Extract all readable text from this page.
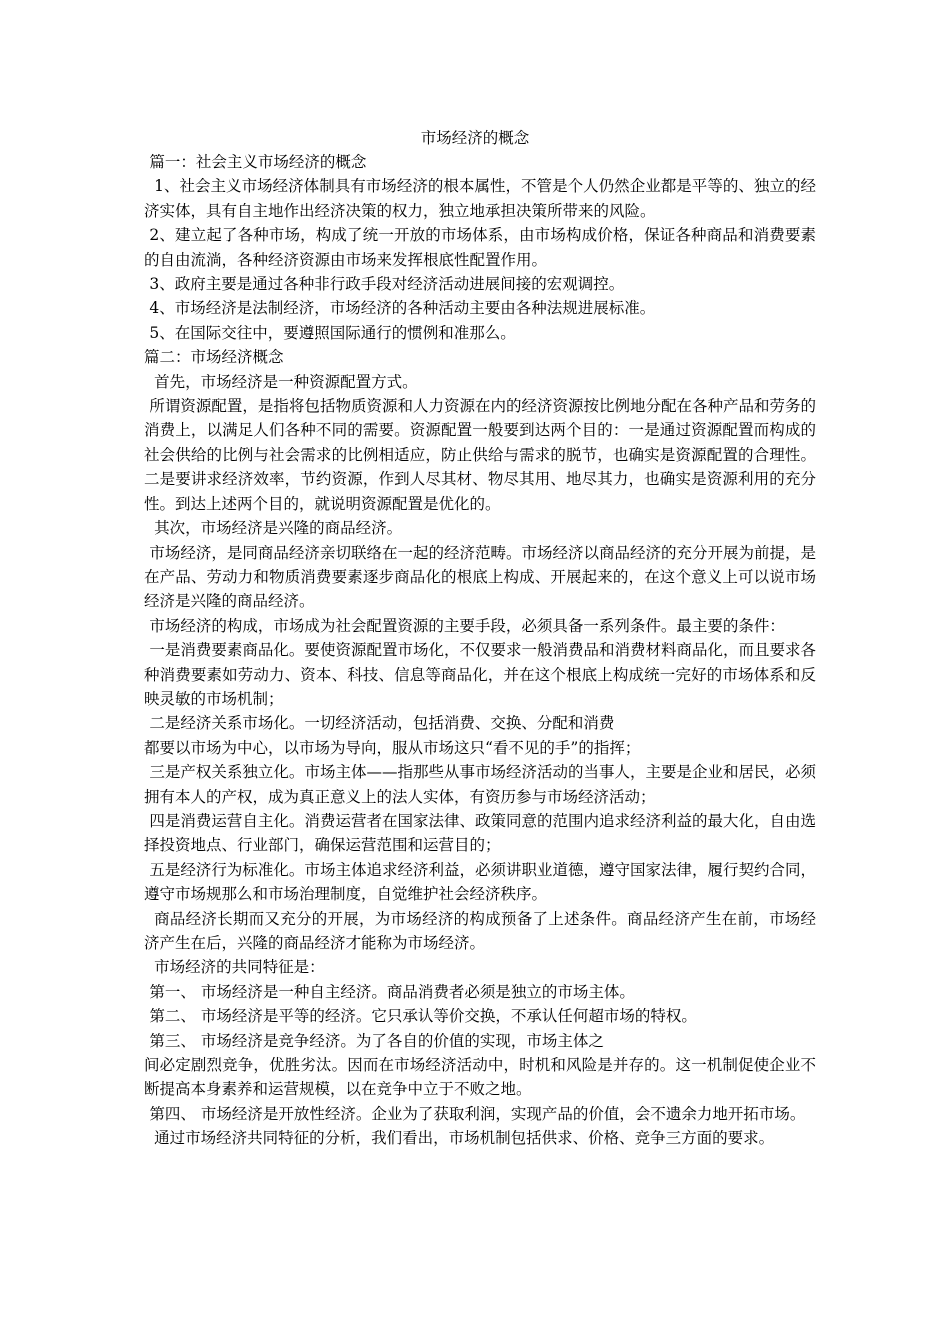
市场经济的概念

篇一：社会主义市场经济的概念

1、社会主义市场经济体制具有市场经济的根本属性，不管是个人仍然企业都是平等的、独立的经济实体，具有自主地作出经济决策的权力，独立地承担决策所带来的风险。

2、建立起了各种市场，构成了统一开放的市场体系，由市场构成价格，保证各种商品和消费要素的自由流淌，各种经济资源由市场来发挥根底性配置作用。

3、政府主要是通过各种非行政手段对经济活动进展间接的宏观调控。

4、市场经济是法制经济，市场经济的各种活动主要由各种法规进展标准。

5、在国际交往中，要遵照国际通行的惯例和准那么。

篇二：市场经济概念

首先，市场经济是一种资源配置方式。

所谓资源配置，是指将包括物质资源和人力资源在内的经济资源按比例地分配在各种产品和劳务的消费上，以满足人们各种不同的需要。资源配置一般要到达两个目的：一是通过资源配置而构成的社会供给的比例与社会需求的比例相适应，防止供给与需求的脱节，也确实是资源配置的合理性。二是要讲求经济效率，节约资源，作到人尽其材、物尽其用、地尽其力，也确实是资源利用的充分性。到达上述两个目的，就说明资源配置是优化的。

其次，市场经济是兴隆的商品经济。

市场经济，是同商品经济亲切联络在一起的经济范畴。市场经济以商品经济的充分开展为前提，是在产品、劳动力和物质消费要素逐步商品化的根底上构成、开展起来的，在这个意义上可以说市场经济是兴隆的商品经济。

市场经济的构成，市场成为社会配置资源的主要手段，必须具备一系列条件。最主要的条件：

一是消费要素商品化。要使资源配置市场化，不仅要求一般消费品和消费材料商品化，而且要求各种消费要素如劳动力、资本、科技、信息等商品化，并在这个根底上构成统一完好的市场体系和反映灵敏的市场机制；

二是经济关系市场化。一切经济活动，包括消费、交换、分配和消费

都要以市场为中心，以市场为导向，服从市场这只“看不见的手”的指挥；

三是产权关系独立化。市场主体——指那些从事市场经济活动的当事人，主要是企业和居民，必须拥有本人的产权，成为真正意义上的法人实体，有资历参与市场经济活动；

四是消费运营自主化。消费运营者在国家法律、政策同意的范围内追求经济利益的最大化，自由选择投资地点、行业部门，确保运营范围和运营目的；

五是经济行为标准化。市场主体追求经济利益，必须讲职业道德，遵守国家法律，履行契约合同，遵守市场规那么和市场治理制度，自觉维护社会经济秩序。

商品经济长期而又充分的开展，为市场经济的构成预备了上述条件。商品经济产生在前，市场经济产生在后，兴隆的商品经济才能称为市场经济。

市场经济的共同特征是：

第一、 市场经济是一种自主经济。商品消费者必须是独立的市场主体。

第二、 市场经济是平等的经济。它只承认等价交换，不承认任何超市场的特权。

第三、 市场经济是竞争经济。为了各自的价值的实现，市场主体之

间必定剧烈竞争，优胜劣汰。因而在市场经济活动中，时机和风险是并存的。这一机制促使企业不断提高本身素养和运营规模，以在竞争中立于不败之地。

第四、 市场经济是开放性经济。企业为了获取利润，实现产品的价值，会不遗余力地开拓市场。

通过市场经济共同特征的分析，我们看出，市场机制包括供求、价格、竞争三方面的要求。
